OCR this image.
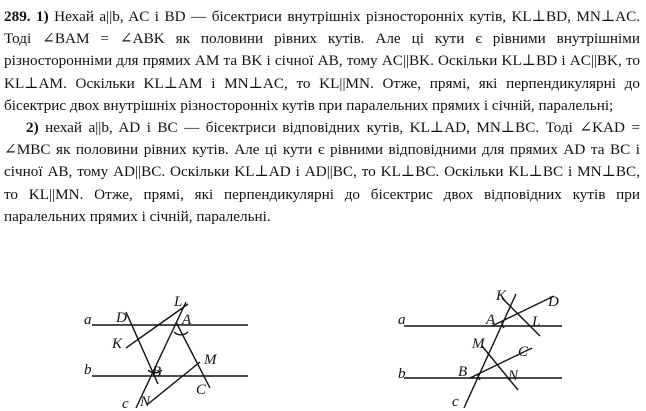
289. 1) Нехай a||b, AC і BD — бісектриси внутрішніх різносторонніх кутів, KL⊥BD, MN⊥AC. Тоді ∠BAM = ∠ABK як половини рівних кутів. Але ці кути є рівними внутрішніми різносторонніми для прямих AM та BK і січної AB, тому AC||BK. Оскільки KL⊥BD і AC||BK, то KL⊥AM. Оскільки KL⊥AM і MN⊥AC, то KL||MN. Отже, прямі, які перпендикулярні до бісектрис двох внутрішніх різносторонніх кутів при паралельних прямих і січній, паралельні;

2) нехай a||b, AD і BC — бісектриси відповідних кутів, KL⊥AD, MN⊥BC. Тоді ∠KAD = ∠MBC як половини рівних кутів. Але ці кути є рівними відповідними для прямих AD та BC і січної AB, тому AD||BC. Оскільки KL⊥AD і AD||BC, то KL⊥BC. Оскільки KL⊥BC і MN⊥BC, то KL||MN. Отже, прямі, які перпендикулярні до бісектрис двох відповідних кутів при паралельних прямих і січній, паралельні.

a
b
c
D
L
A
K
M
B
C
N
a
b
c
K	D
A L
M C
B	N
